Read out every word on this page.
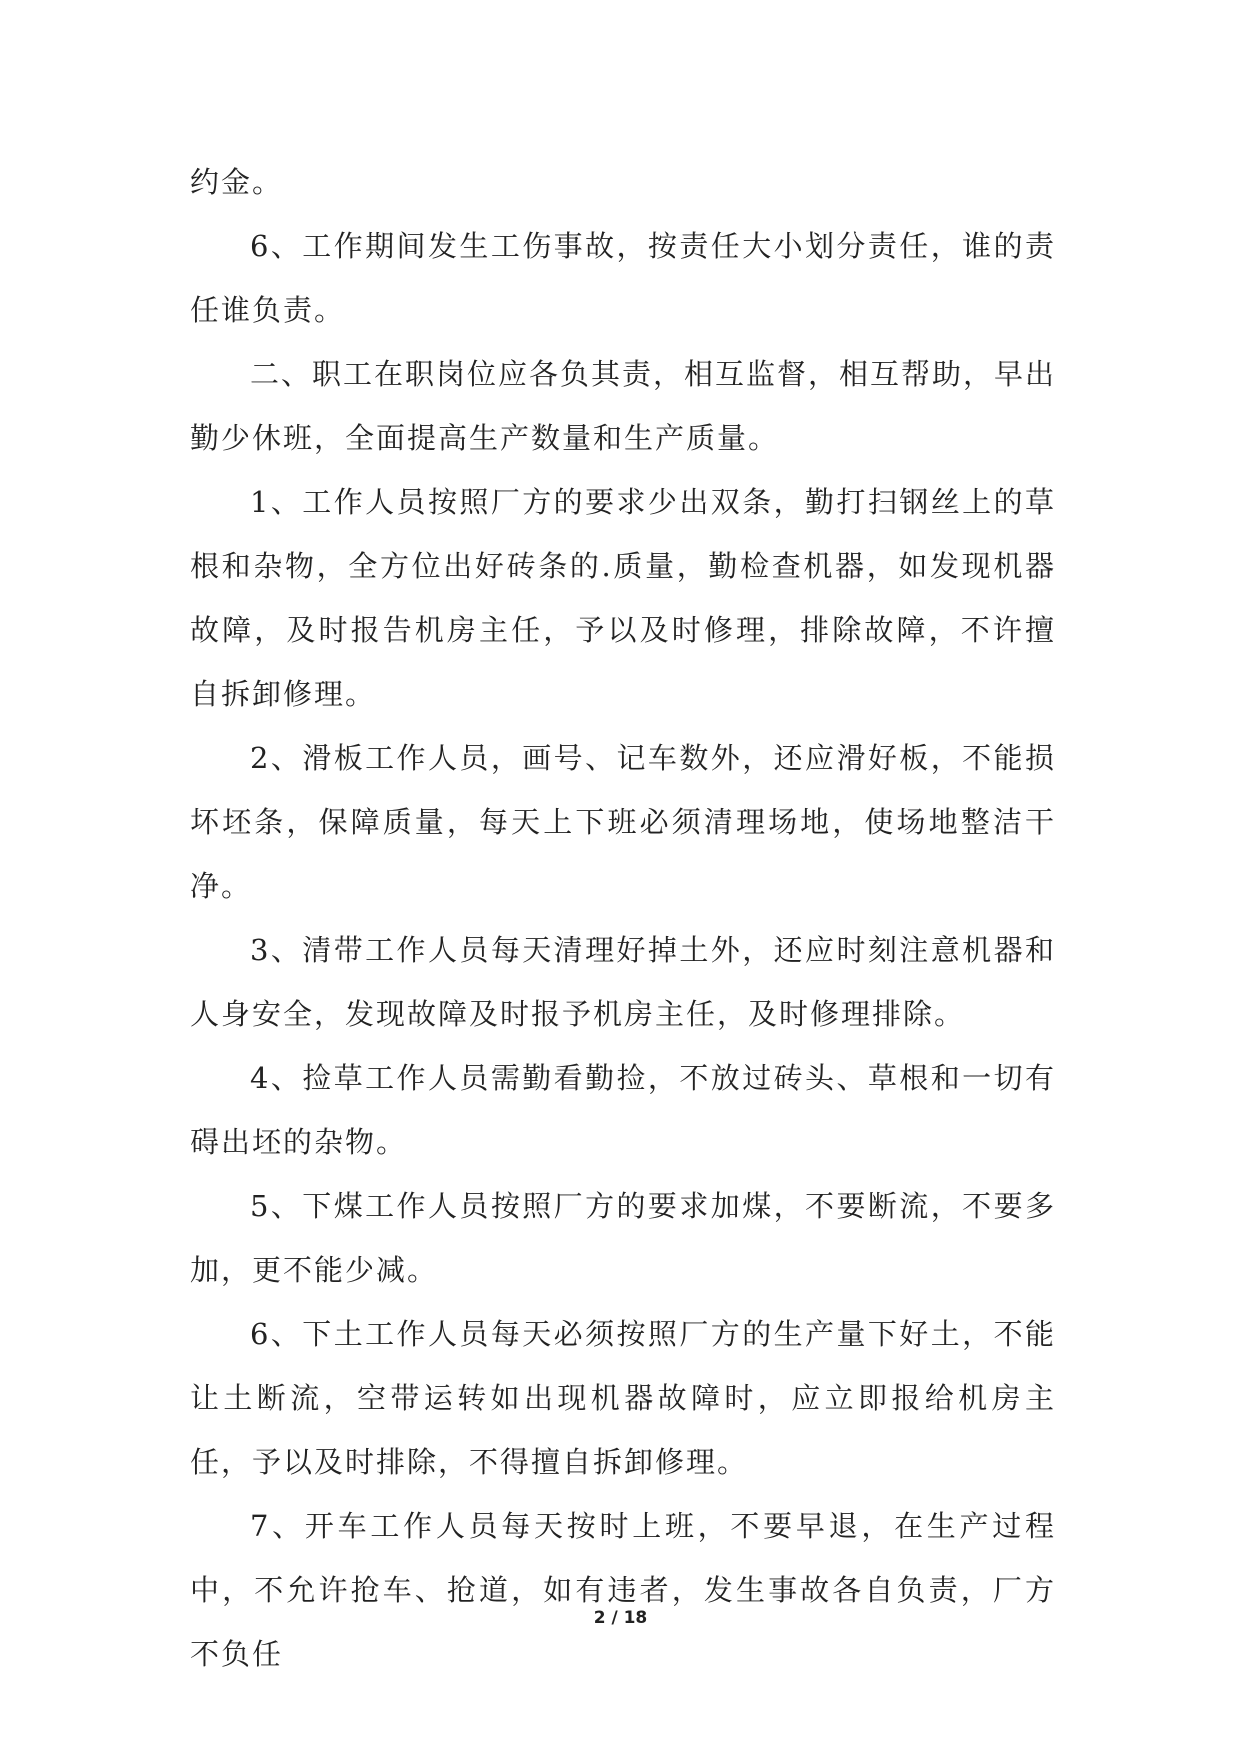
约金。

6、工作期间发生工伤事故，按责任大小划分责任，谁的责任谁负责。

二、职工在职岗位应各负其责，相互监督，相互帮助，早出勤少休班，全面提高生产数量和生产质量。

1、工作人员按照厂方的要求少出双条，勤打扫钢丝上的草根和杂物，全方位出好砖条的.质量，勤检查机器，如发现机器故障，及时报告机房主任，予以及时修理，排除故障，不许擅自拆卸修理。

2、滑板工作人员，画号、记车数外，还应滑好板，不能损坏坯条，保障质量，每天上下班必须清理场地，使场地整洁干净。

3、清带工作人员每天清理好掉土外，还应时刻注意机器和人身安全，发现故障及时报予机房主任，及时修理排除。

4、捡草工作人员需勤看勤捡，不放过砖头、草根和一切有碍出坯的杂物。

5、下煤工作人员按照厂方的要求加煤，不要断流，不要多加，更不能少减。

6、下土工作人员每天必须按照厂方的生产量下好土，不能让土断流，空带运转如出现机器故障时，应立即报给机房主任，予以及时排除，不得擅自拆卸修理。

7、开车工作人员每天按时上班，不要早退，在生产过程中，不允许抢车、抢道，如有违者，发生事故各自负责，厂方不负任

2 / 18
